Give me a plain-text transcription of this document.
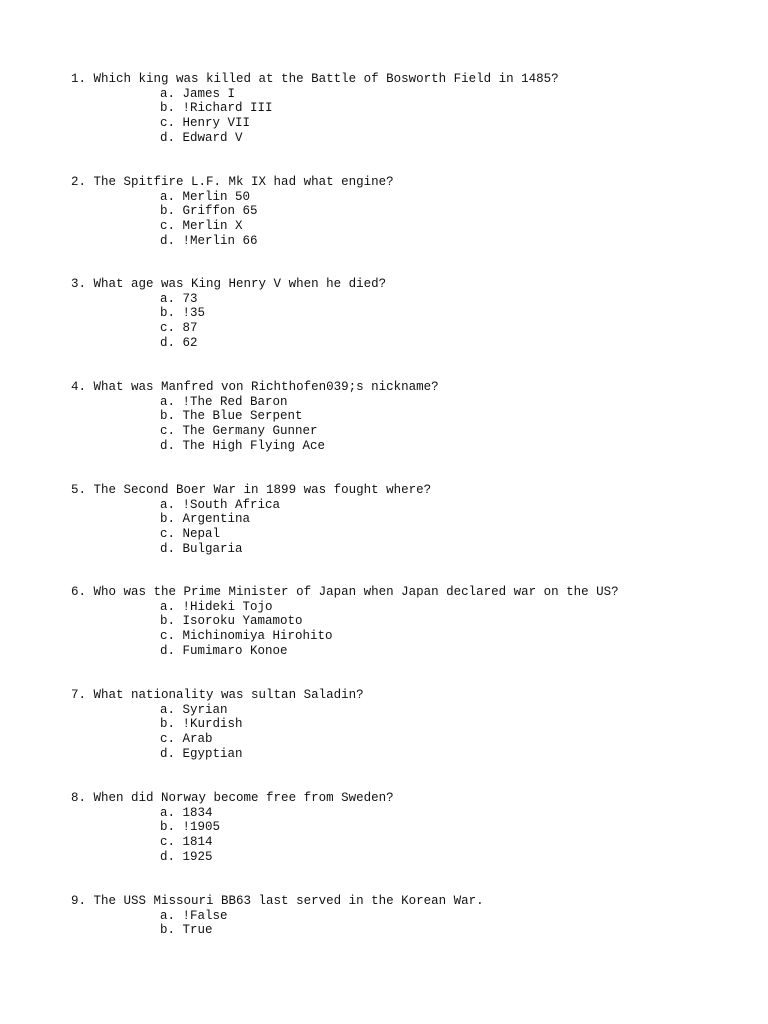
1. Which king was killed at the Battle of Bosworth Field in 1485?
a. James I
b. !Richard III
c. Henry VII
d. Edward V
2. The Spitfire L.F. Mk IX had what engine?
a. Merlin 50
b. Griffon 65
c. Merlin X
d. !Merlin 66
3. What age was King Henry V when he died?
a. 73
b. !35
c. 87
d. 62
4. What was Manfred von Richthofen039;s nickname?
a. !The Red Baron
b. The Blue Serpent
c. The Germany Gunner
d. The High Flying Ace
5. The Second Boer War in 1899 was fought where?
a. !South Africa
b. Argentina
c. Nepal
d. Bulgaria
6. Who was the Prime Minister of Japan when Japan declared war on the US?
a. !Hideki Tojo
b. Isoroku Yamamoto
c. Michinomiya Hirohito
d. Fumimaro Konoe
7. What nationality was sultan Saladin?
a. Syrian
b. !Kurdish
c. Arab
d. Egyptian
8. When did Norway become free from Sweden?
a. 1834
b. !1905
c. 1814
d. 1925
9. The USS Missouri BB63 last served in the Korean War.
a. !False
b. True
